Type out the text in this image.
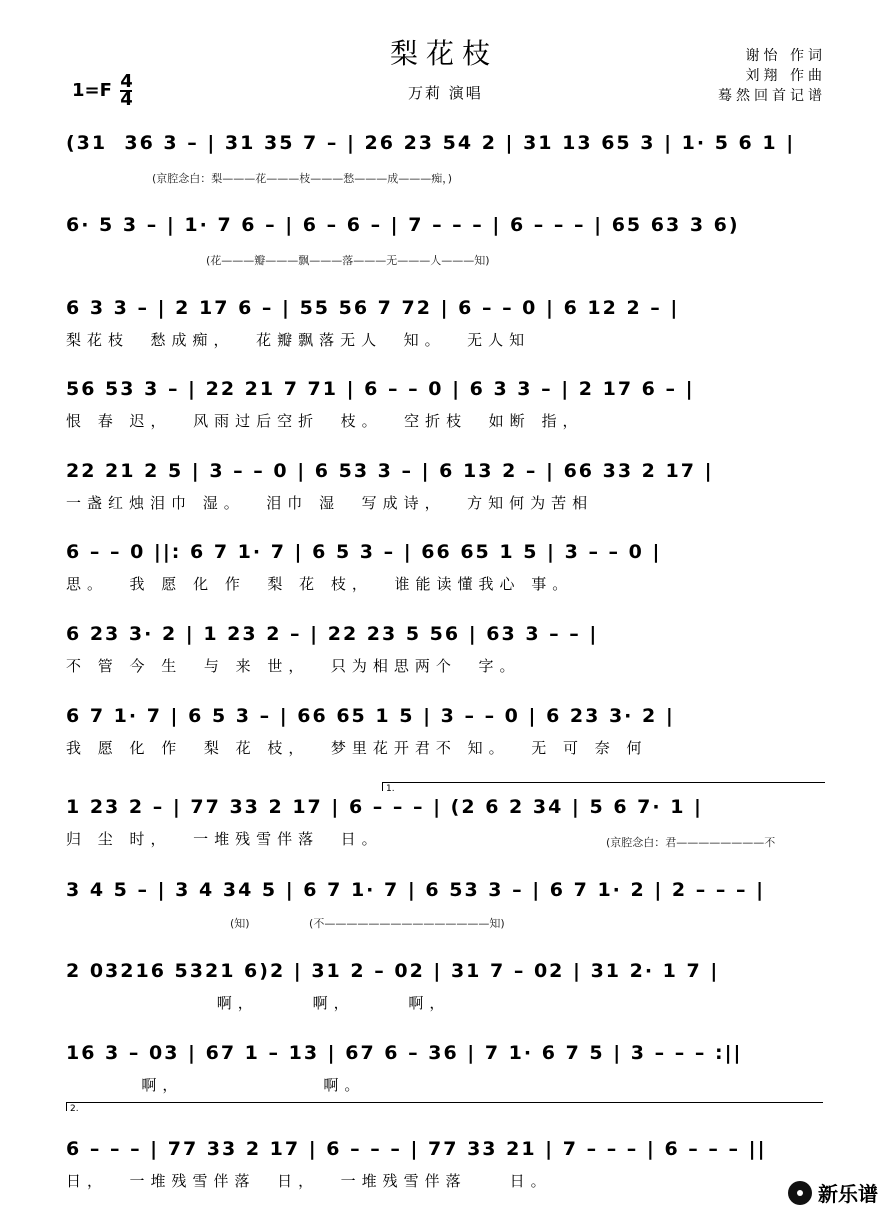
梨花枝
万莉 演唱
谢怡 作词
刘翔 作曲
蓦然回首记谱
$1=F \frac{4}{4}$
(31  36 3 – | 31 35 7 – | 26 23 54 2 | 31 13 65 3 | 1· 5 6 1 |
(京腔念白：梨———花———枝———愁———成———痴，)
6· 5 3 – | 1· 7 6 – | 6 – 6 – | 7 – – – | 6 – – – | 65 63 3 6)
(花———瓣———飘———落———无———人———知)
6 3 3 – | 2 17 6 – | 55 56 7 72 | 6 – – 0 | 6 12 2 – |
梨花枝  愁成痴，  花瓣飘落无人  知。  无人知
56 53 3 – | 22 21 7 71 | 6 – – 0 | 6 3 3 – | 2 17 6 – |
恨 春 迟，  风雨过后空折  枝。  空折枝  如断 指，
22 21 2 5 | 3 – – 0 | 6 53 3 – | 6 13 2 – | 66 33 2 17 |
一盏红烛泪巾 湿。  泪巾 湿  写成诗，  方知何为苦相
6 – – 0 ||: 6 7 1· 7 | 6 5 3 – | 66 65 1 5 | 3 – – 0 |
思。  我 愿 化 作  梨 花 枝，  谁能读懂我心 事。
6 23 3· 2 | 1 23 2 – | 22 23 5 56 | 63 3 – – |
不 管 今 生  与 来 世，  只为相思两个  字。
6 7 1· 7 | 6 5 3 – | 66 65 1 5 | 3 – – 0 | 6 23 3· 2 |
我 愿 化 作  梨 花 枝，  梦里花开君不 知。  无 可 奈 何
1.
1 23 2 – | 77 33 2 17 | 6 – – – | (2 6 2 34 | 5 6 7· 1 |
归 尘 时，  一堆残雪伴落  日。	(京腔念白：君————————不
3 4 5 – | 3 4 34 5 | 6 7 1· 7 | 6 53 3 – | 6 7 1· 2 | 2 – – – |
(知)                 (不———————————————知)
2 03216 5321 6)2 | 31 2 – 02 | 31 7 – 02 | 31 2· 1 7 |
啊，     啊，     啊，
16 3 – 03 | 67 1 – 13 | 67 6 – 36 | 7 1· 6 7 5 | 3 – – – :||
啊，             啊。
2.
6 – – – | 77 33 2 17 | 6 – – – | 77 33 21 | 7 – – – | 6 – – – ||
日，  一堆残雪伴落  日，  一堆残雪伴落    日。
新乐谱
